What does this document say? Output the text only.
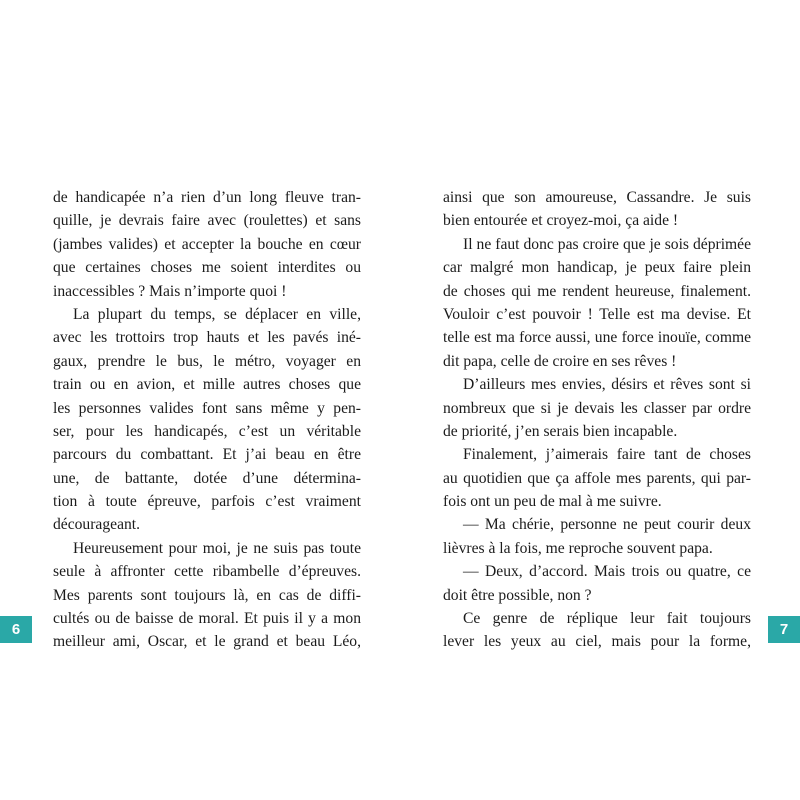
de handicapée n’a rien d’un long fleuve tran-
quille, je devrais faire avec (roulettes) et sans
(jambes valides) et accepter la bouche en cœur
que certaines choses me soient interdites ou
inaccessibles ? Mais n’importe quoi !
La plupart du temps, se déplacer en ville,
avec les trottoirs trop hauts et les pavés iné-
gaux, prendre le bus, le métro, voyager en
train ou en avion, et mille autres choses que
les personnes valides font sans même y pen-
ser, pour les handicapés, c’est un véritable
parcours du combattant. Et j’ai beau en être
une, de battante, dotée d’une détermina-
tion à toute épreuve, parfois c’est vraiment
décourageant.
Heureusement pour moi, je ne suis pas toute
seule à affronter cette ribambelle d’épreuves.
Mes parents sont toujours là, en cas de diffi-
cultés ou de baisse de moral. Et puis il y a mon
meilleur ami, Oscar, et le grand et beau Léo,
ainsi que son amoureuse, Cassandre. Je suis
bien entourée et croyez-moi, ça aide !
Il ne faut donc pas croire que je sois déprimée
car malgré mon handicap, je peux faire plein
de choses qui me rendent heureuse, finalement.
Vouloir c’est pouvoir ! Telle est ma devise. Et
telle est ma force aussi, une force inouïe, comme
dit papa, celle de croire en ses rêves !
D’ailleurs mes envies, désirs et rêves sont si
nombreux que si je devais les classer par ordre
de priorité, j’en serais bien incapable.
Finalement, j’aimerais faire tant de choses
au quotidien que ça affole mes parents, qui par-
fois ont un peu de mal à me suivre.
— Ma chérie, personne ne peut courir deux
lièvres à la fois, me reproche souvent papa.
— Deux, d’accord. Mais trois ou quatre, ce
doit être possible, non ?
Ce genre de réplique leur fait toujours
lever les yeux au ciel, mais pour la forme,
6	7
